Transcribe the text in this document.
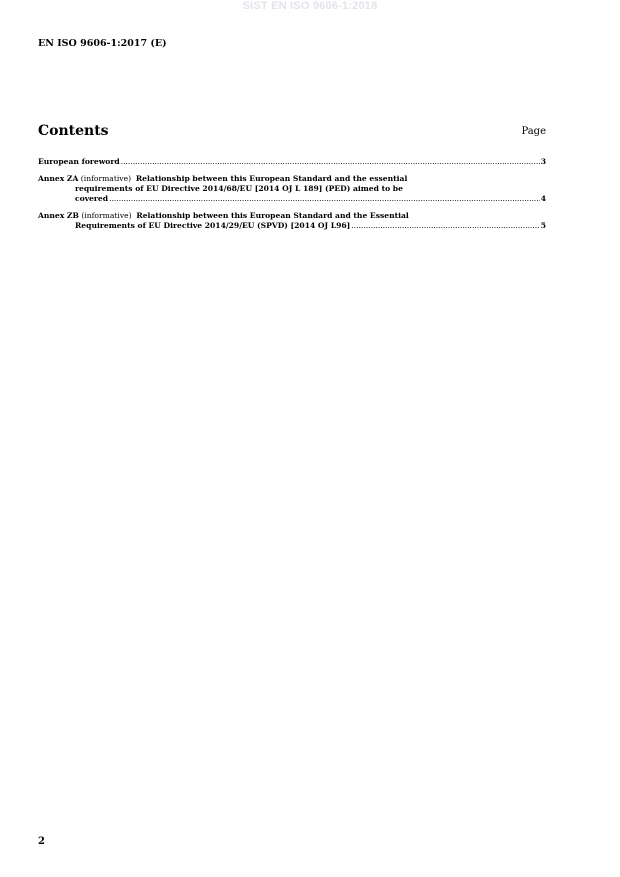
SIST EN ISO 9606-1:2018
EN ISO 9606-1:2017 (E)
Contents	Page
European foreword .....	3
Annex ZA
(informative)
Relationship between this European Standard and the essential
requirements of EU Directive 2014/68/EU [2014 OJ L 189] (PED) aimed to be
covered .....	4
Annex ZB
(informative)
Relationship between this European Standard and the Essential
Requirements of EU Directive 2014/29/EU (SPVD) [2014 OJ L96] .....	5
2
